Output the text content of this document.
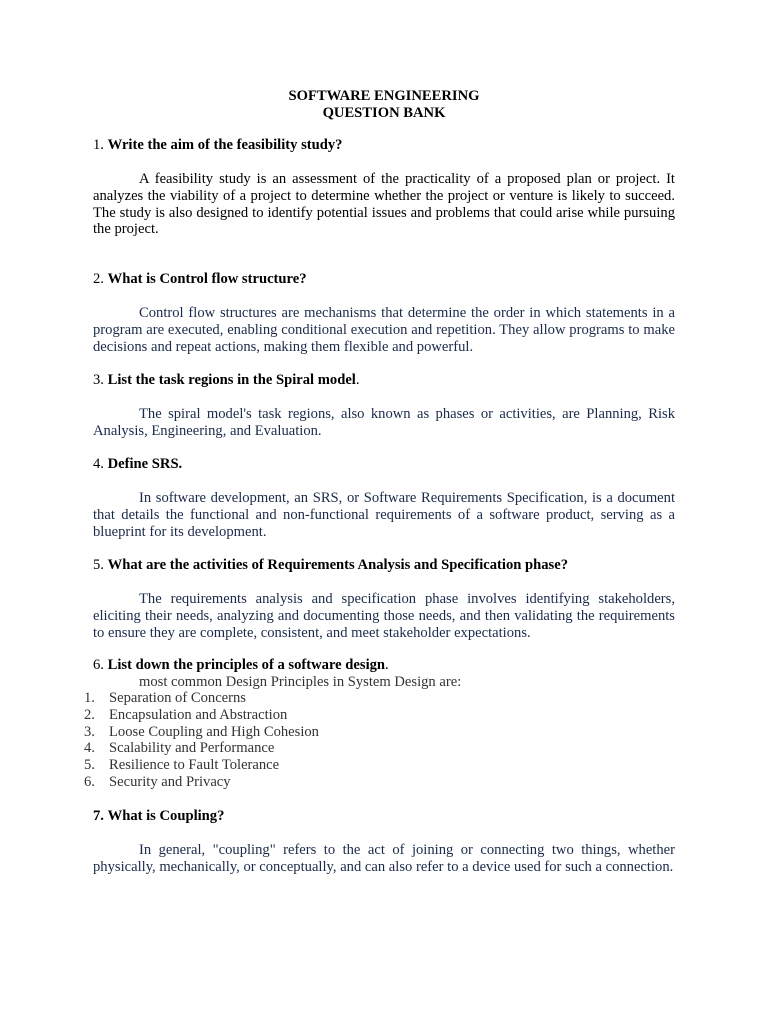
SOFTWARE ENGINEERING
QUESTION BANK

1. Write the aim of the feasibility study?

A feasibility study is an assessment of the practicality of a proposed plan or project. It analyzes the viability of a project to determine whether the project or venture is likely to succeed. The study is also designed to identify potential issues and problems that could arise while pursuing the project.

2. What is Control flow structure?

Control flow structures are mechanisms that determine the order in which statements in a program are executed, enabling conditional execution and repetition. They allow programs to make decisions and repeat actions, making them flexible and powerful.

3. List the task regions in the Spiral model.

The spiral model's task regions, also known as phases or activities, are Planning, Risk Analysis, Engineering, and Evaluation.

4. Define SRS.

In software development, an SRS, or Software Requirements Specification, is a document that details the functional and non-functional requirements of a software product, serving as a blueprint for its development.

5. What are the activities of Requirements Analysis and Specification phase?

The requirements analysis and specification phase involves identifying stakeholders, eliciting their needs, analyzing and documenting those needs, and then validating the requirements to ensure they are complete, consistent, and meet stakeholder expectations.

6. List down the principles of a software design.

most common Design Principles in System Design are:
1. Separation of Concerns
2. Encapsulation and Abstraction
3. Loose Coupling and High Cohesion
4. Scalability and Performance
5. Resilience to Fault Tolerance
6. Security and Privacy

7. What is Coupling?

In general, "coupling" refers to the act of joining or connecting two things, whether physically, mechanically, or conceptually, and can also refer to a device used for such a connection.
